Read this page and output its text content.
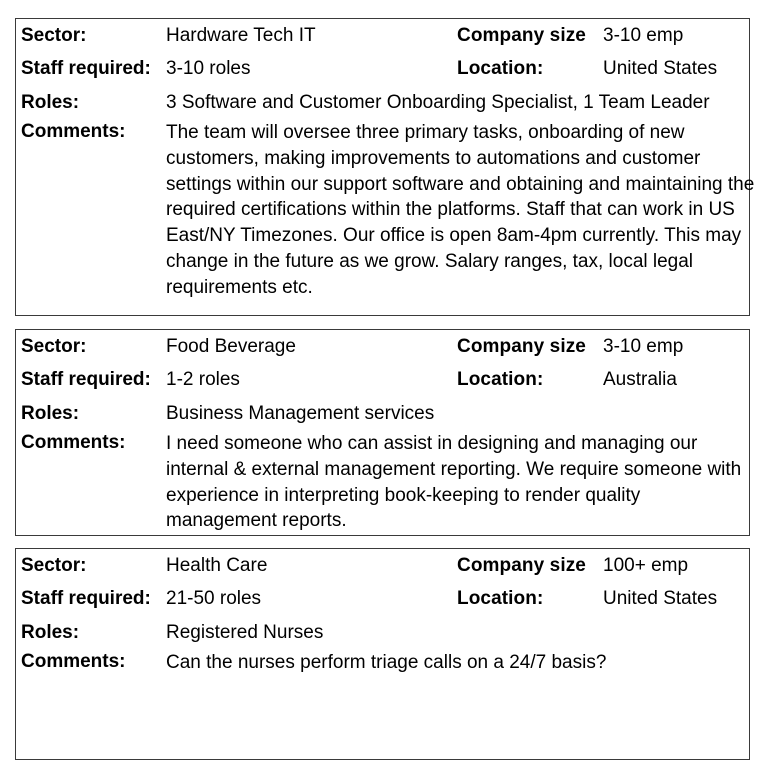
Sector:	Hardware Tech IT	Company size 3-10 emp
Staff required: 3-10 roles	Location:	United States
Roles:	3 Software and Customer Onboarding Specialist, 1 Team Leader
Comments: The team will oversee three primary tasks, onboarding of new customers, making improvements to automations and customer settings within our support software and obtaining and maintaining the required certifications within the platforms. Staff that can work in US East/NY Timezones. Our office is open 8am-4pm currently. This may change in the future as we grow. Salary ranges, tax, local legal requirements etc.
Sector:	Food Beverage	Company size 3-10 emp
Staff required: 1-2 roles	Location:	Australia
Roles:	Business Management services
Comments: I need someone who can assist in designing and managing our internal & external management reporting. We require someone with experience in interpreting book-keeping to render quality management reports.
Sector:	Health Care	Company size 100+ emp
Staff required: 21-50 roles	Location:	United States
Roles:	Registered Nurses
Comments: Can the nurses perform triage calls on a 24/7 basis?
